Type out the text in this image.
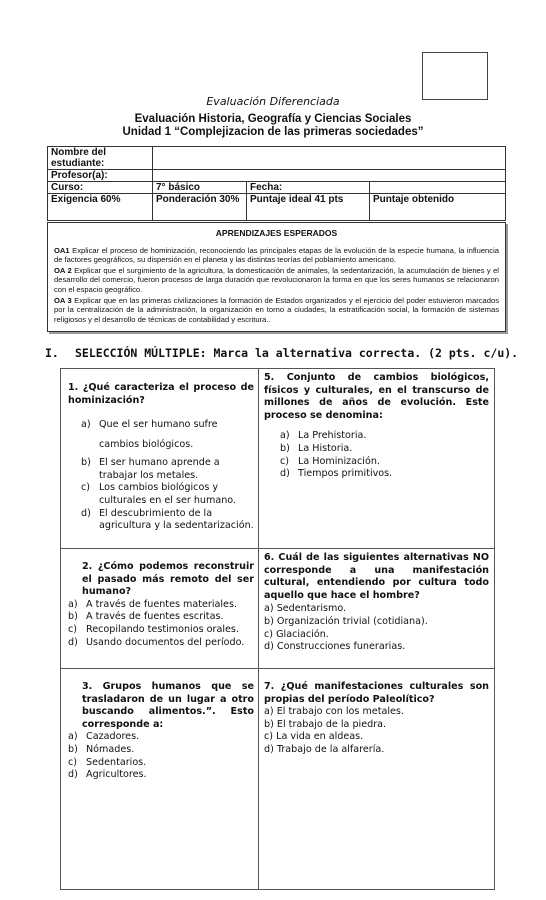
Evaluación Diferenciada
Evaluación Historia, Geografía y Ciencias Sociales
Unidad 1 “Complejizacion de las primeras sociedades”
Nombre del estudiante:			
Profesor(a):			
Curso:	7° básico	Fecha:	
Exigencia 60%	Ponderación 30%	Puntaje ideal 41 pts	Puntaje obtenido
APRENDIZAJES ESPERADOS

OA1 Explicar el proceso de hominización, reconociendo las principales etapas de la evolución de la especie humana, la influencia de factores geográficos, su dispersión en el planeta y las distintas teorías del poblamiento americano.

OA 2 Explicar que el surgimiento de la agricultura, la domesticación de animales, la sedentarización, la acumulación de bienes y el desarrollo del comercio, fueron procesos de larga duración que revolucionaron la forma en que los seres humanos se relacionaron con el espacio geográfico.

OA 3 Explicar que en las primeras civilizaciones la formación de Estados organizados y el ejercicio del poder estuvieron marcados por la centralización de la administración, la organización en torno a ciudades, la estratificación social, la formación de sistemas religiosos y el desarrollo de técnicas de contabilidad y escritura..

I. SELECCIÓN MÚLTIPLE: Marca la alternativa correcta. (2 pts. c/u).
1. ¿Qué caracteriza el proceso de hominización?
a) Que el ser humano sufre cambios biológicos.
b) El ser humano aprende a trabajar los metales.
c) Los cambios biológicos y culturales en el ser humano.
d) El descubrimiento de la agricultura y la sedentarización.
5. Conjunto de cambios biológicos, físicos y culturales, en el transcurso de millones de años de evolución. Este proceso se denomina:
a) La Prehistoria.
b) La Historia.
c) La Hominización.
d) Tiempos primitivos.
2. ¿Cómo podemos reconstruir el pasado más remoto del ser humano?
a) A través de fuentes materiales.
b) A través de fuentes escritas.
c) Recopilando testimonios orales.
d) Usando documentos del período.
6. Cuál de las siguientes alternativas NO corresponde a una manifestación cultural, entendiendo por cultura todo aquello que hace el hombre?
a) Sedentarismo.
b) Organización trivial (cotidiana).
c) Glaciación.
d) Construcciones funerarias.
3. Grupos humanos que se trasladaron de un lugar a otro buscando alimentos.”. Esto corresponde a:
a) Cazadores.
b) Nómades.
c) Sedentarios.
d) Agricultores.
7. ¿Qué manifestaciones culturales son propias del período Paleolítico?
a) El trabajo con los metales.
b) El trabajo de la piedra.
c) La vida en aldeas.
d) Trabajo de la alfarería.
